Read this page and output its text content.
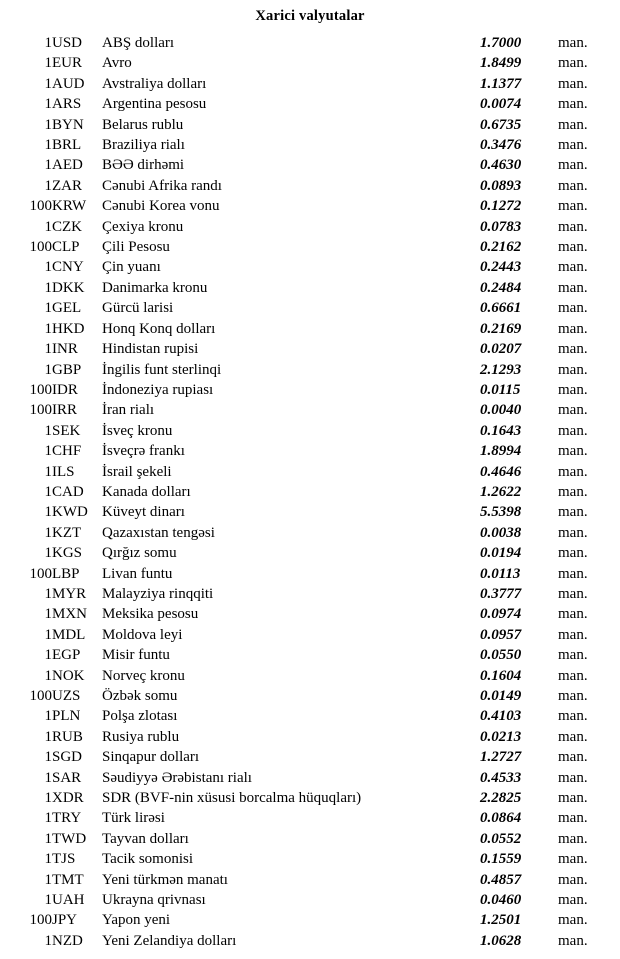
Xarici valyutalar
1	USD	ABŞ dolları	1.7000	man.
1	EUR	Avro	1.8499	man.
1	AUD	Avstraliya dolları	1.1377	man.
1	ARS	Argentina pesosu	0.0074	man.
1	BYN	Belarus rublu	0.6735	man.
1	BRL	Braziliya rialı	0.3476	man.
1	AED	BƏƏ dirhəmi	0.4630	man.
1	ZAR	Cənubi Afrika randı	0.0893	man.
100	KRW	Cənubi Korea vonu	0.1272	man.
1	CZK	Çexiya kronu	0.0783	man.
100	CLP	Çili Pesosu	0.2162	man.
1	CNY	Çin yuanı	0.2443	man.
1	DKK	Danimarka kronu	0.2484	man.
1	GEL	Gürcü larisi	0.6661	man.
1	HKD	Honq Konq dolları	0.2169	man.
1	INR	Hindistan rupisi	0.0207	man.
1	GBP	İngilis funt sterlinqi	2.1293	man.
100	IDR	İndoneziya rupiası	0.0115	man.
100	IRR	İran rialı	0.0040	man.
1	SEK	İsveç kronu	0.1643	man.
1	CHF	İsveçrə frankı	1.8994	man.
1	ILS	İsrail şekeli	0.4646	man.
1	CAD	Kanada dolları	1.2622	man.
1	KWD	Küveyt dinarı	5.5398	man.
1	KZT	Qazaxıstan tengəsi	0.0038	man.
1	KGS	Qırğız somu	0.0194	man.
100	LBP	Livan funtu	0.0113	man.
1	MYR	Malayziya rinqqiti	0.3777	man.
1	MXN	Meksika pesosu	0.0974	man.
1	MDL	Moldova leyi	0.0957	man.
1	EGP	Misir funtu	0.0550	man.
1	NOK	Norveç kronu	0.1604	man.
100	UZS	Özbək somu	0.0149	man.
1	PLN	Polşa zlotası	0.4103	man.
1	RUB	Rusiya rublu	0.0213	man.
1	SGD	Sinqapur dolları	1.2727	man.
1	SAR	Səudiyyə Ərəbistanı rialı	0.4533	man.
1	XDR	SDR (BVF-nin xüsusi borcalma hüquqları)	2.2825	man.
1	TRY	Türk lirəsi	0.0864	man.
1	TWD	Tayvan dolları	0.0552	man.
1	TJS	Tacik somonisi	0.1559	man.
1	TMT	Yeni türkmən manatı	0.4857	man.
1	UAH	Ukrayna qrivnası	0.0460	man.
100	JPY	Yapon yeni	1.2501	man.
1	NZD	Yeni Zelandiya dolları	1.0628	man.
